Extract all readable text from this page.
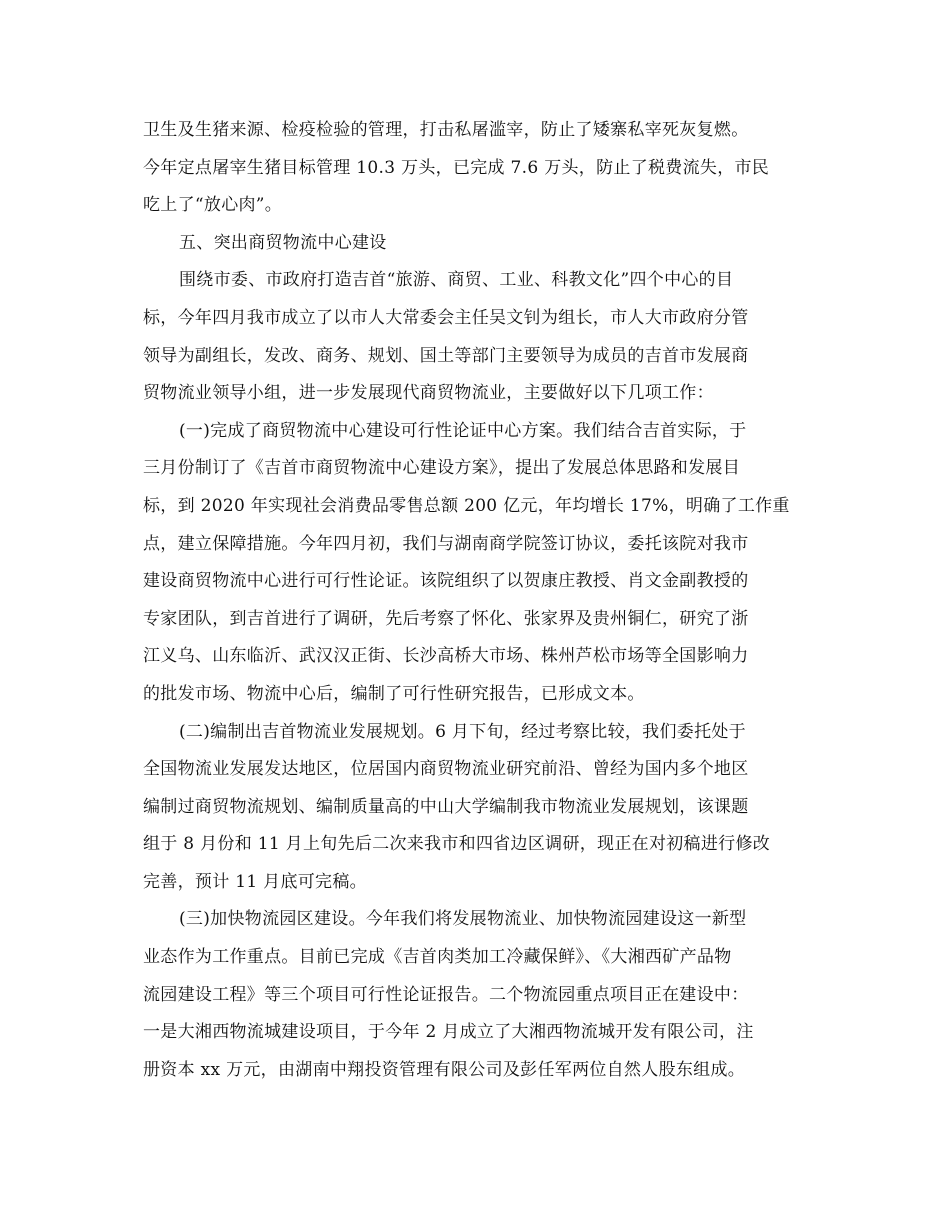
卫生及生猪来源、检疫检验的管理，打击私屠滥宰，防止了矮寨私宰死灰复燃。
今年定点屠宰生猪目标管理 10.3 万头，已完成 7.6 万头，防止了税费流失，市民
吃上了“放心肉”。
五、突出商贸物流中心建设
围绕市委、市政府打造吉首“旅游、商贸、工业、科教文化”四个中心的目
标，今年四月我市成立了以市人大常委会主任吴文钊为组长，市人大市政府分管
领导为副组长，发改、商务、规划、国土等部门主要领导为成员的吉首市发展商
贸物流业领导小组，进一步发展现代商贸物流业，主要做好以下几项工作：
(一)完成了商贸物流中心建设可行性论证中心方案。我们结合吉首实际，于
三月份制订了《吉首市商贸物流中心建设方案》，提出了发展总体思路和发展目
标，到 2020 年实现社会消费品零售总额 200 亿元，年均增长 17%，明确了工作重
点，建立保障措施。今年四月初，我们与湖南商学院签订协议，委托该院对我市
建设商贸物流中心进行可行性论证。该院组织了以贺康庄教授、肖文金副教授的
专家团队，到吉首进行了调研，先后考察了怀化、张家界及贵州铜仁，研究了浙
江义乌、山东临沂、武汉汉正街、长沙高桥大市场、株州芦松市场等全国影响力
的批发市场、物流中心后，编制了可行性研究报告，已形成文本。
(二)编制出吉首物流业发展规划。6 月下旬，经过考察比较，我们委托处于
全国物流业发展发达地区，位居国内商贸物流业研究前沿、曾经为国内多个地区
编制过商贸物流规划、编制质量高的中山大学编制我市物流业发展规划，该课题
组于 8 月份和 11 月上旬先后二次来我市和四省边区调研，现正在对初稿进行修改
完善，预计 11 月底可完稿。
(三)加快物流园区建设。今年我们将发展物流业、加快物流园建设这一新型
业态作为工作重点。目前已完成《吉首肉类加工冷藏保鲜》、《大湘西矿产品物
流园建设工程》等三个项目可行性论证报告。二个物流园重点项目正在建设中：
一是大湘西物流城建设项目，于今年 2 月成立了大湘西物流城开发有限公司，注
册资本 xx 万元，由湖南中翔投资管理有限公司及彭任军两位自然人股东组成。
